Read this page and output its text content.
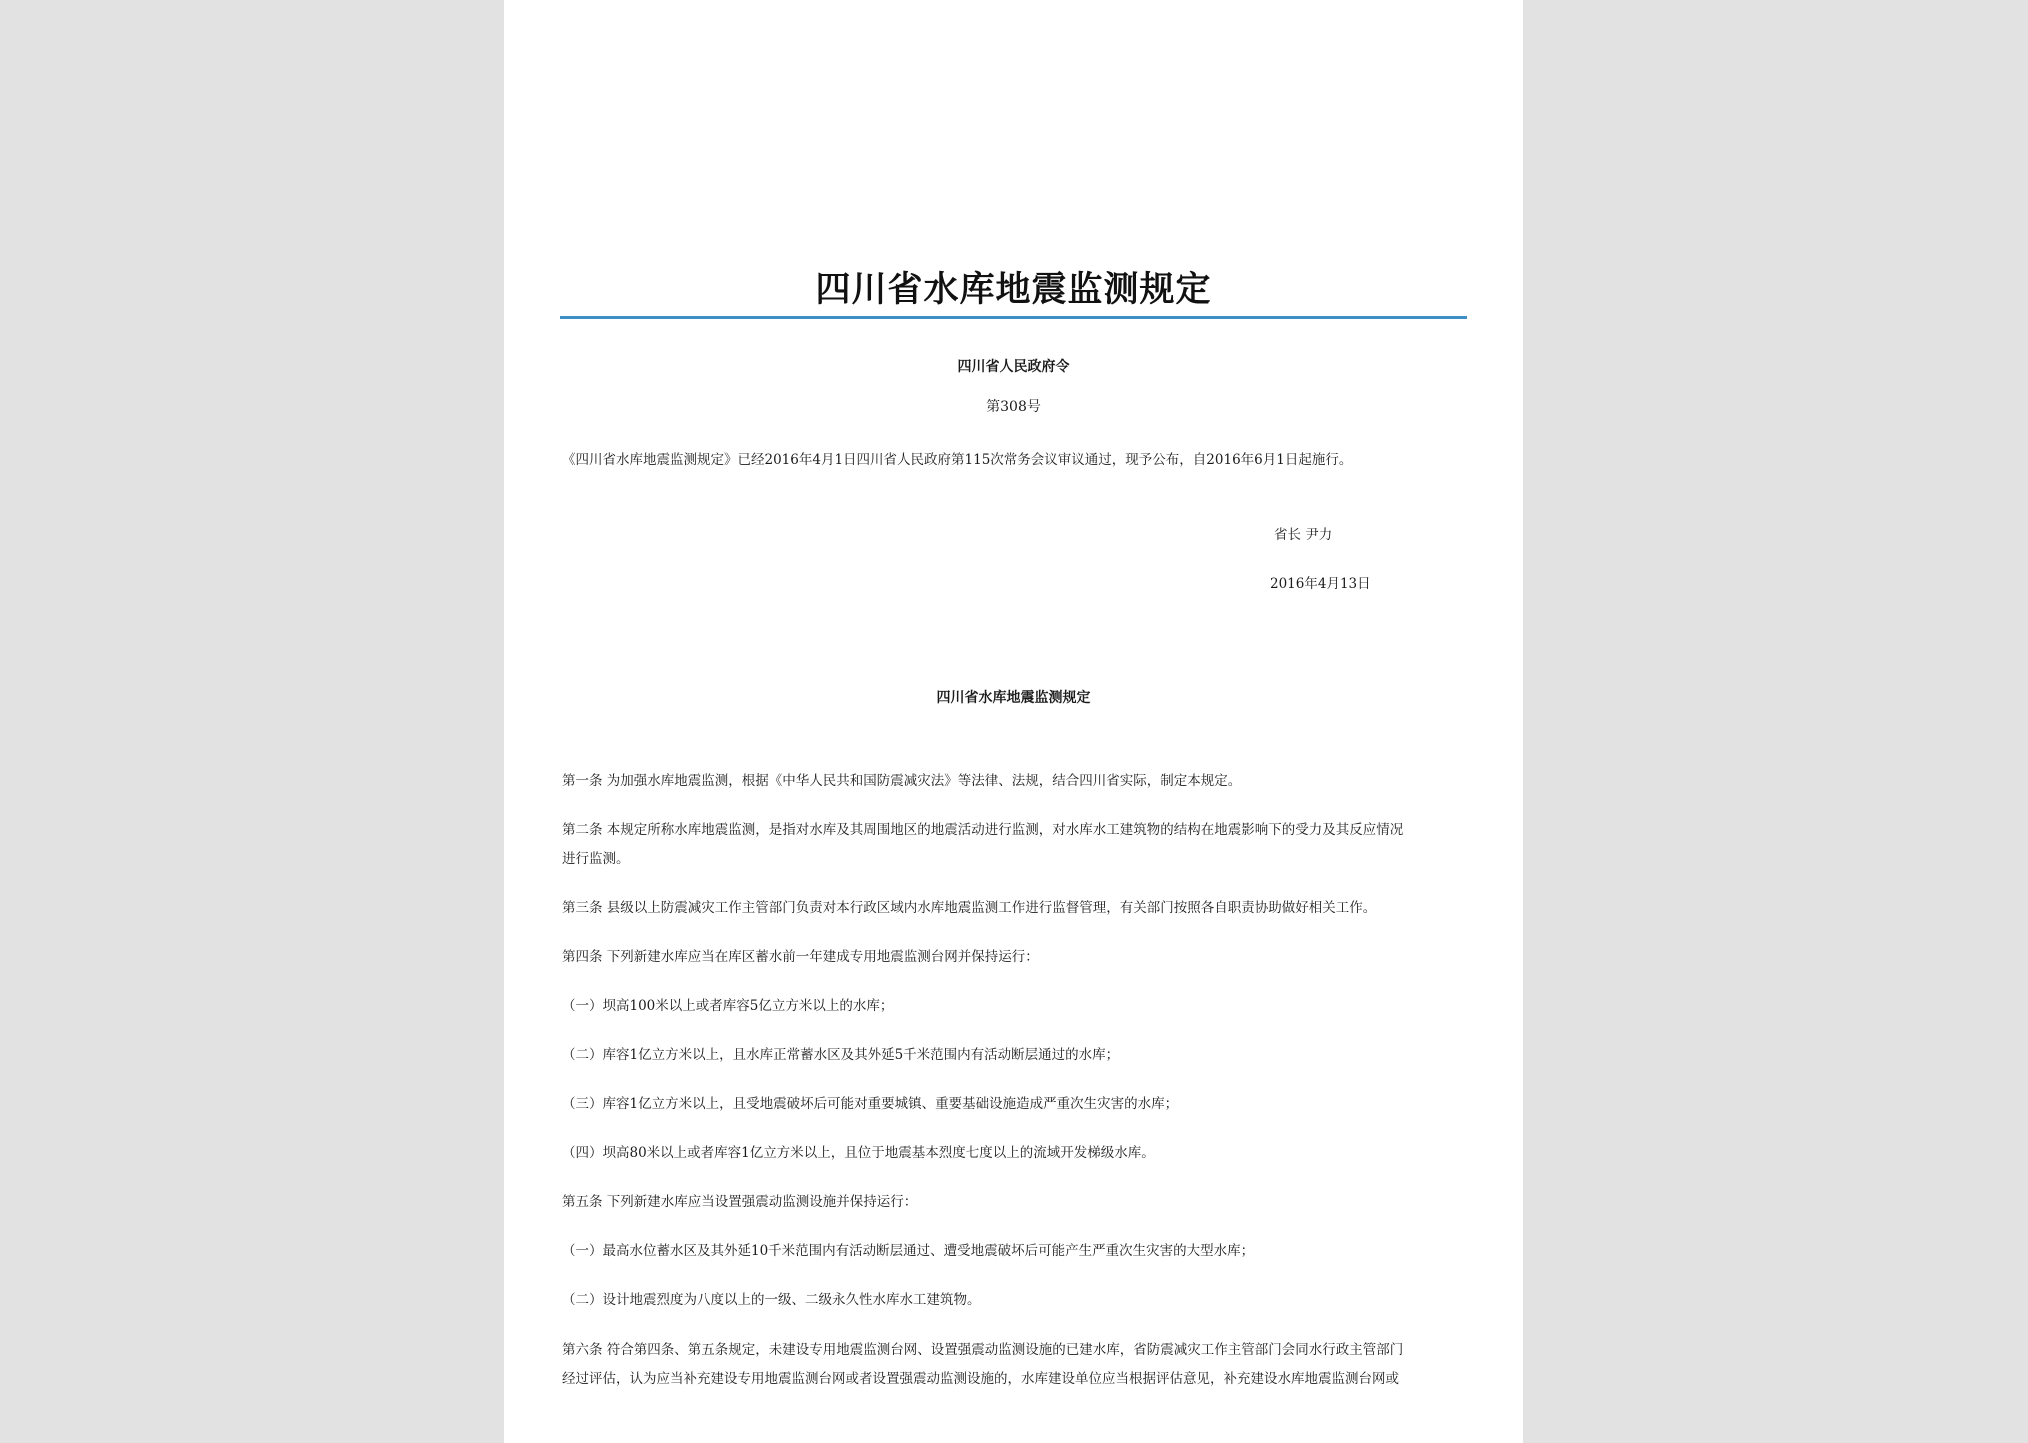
四川省水库地震监测规定
四川省人民政府令
第308号
《四川省水库地震监测规定》已经2016年4月1日四川省人民政府第115次常务会议审议通过，现予公布，自2016年6月1日起施行。
省长 尹力
2016年4月13日
四川省水库地震监测规定
第一条 为加强水库地震监测，根据《中华人民共和国防震减灾法》等法律、法规，结合四川省实际，制定本规定。
第二条 本规定所称水库地震监测，是指对水库及其周围地区的地震活动进行监测，对水库水工建筑物的结构在地震影响下的受力及其反应情况
进行监测。
第三条 县级以上防震减灾工作主管部门负责对本行政区域内水库地震监测工作进行监督管理，有关部门按照各自职责协助做好相关工作。
第四条 下列新建水库应当在库区蓄水前一年建成专用地震监测台网并保持运行：
（一）坝高100米以上或者库容5亿立方米以上的水库；
（二）库容1亿立方米以上，且水库正常蓄水区及其外延5千米范围内有活动断层通过的水库；
（三）库容1亿立方米以上，且受地震破坏后可能对重要城镇、重要基础设施造成严重次生灾害的水库；
（四）坝高80米以上或者库容1亿立方米以上，且位于地震基本烈度七度以上的流域开发梯级水库。
第五条 下列新建水库应当设置强震动监测设施并保持运行：
（一）最高水位蓄水区及其外延10千米范围内有活动断层通过、遭受地震破坏后可能产生严重次生灾害的大型水库；
（二）设计地震烈度为八度以上的一级、二级永久性水库水工建筑物。
第六条 符合第四条、第五条规定，未建设专用地震监测台网、设置强震动监测设施的已建水库，省防震减灾工作主管部门会同水行政主管部门
经过评估，认为应当补充建设专用地震监测台网或者设置强震动监测设施的，水库建设单位应当根据评估意见，补充建设水库地震监测台网或
